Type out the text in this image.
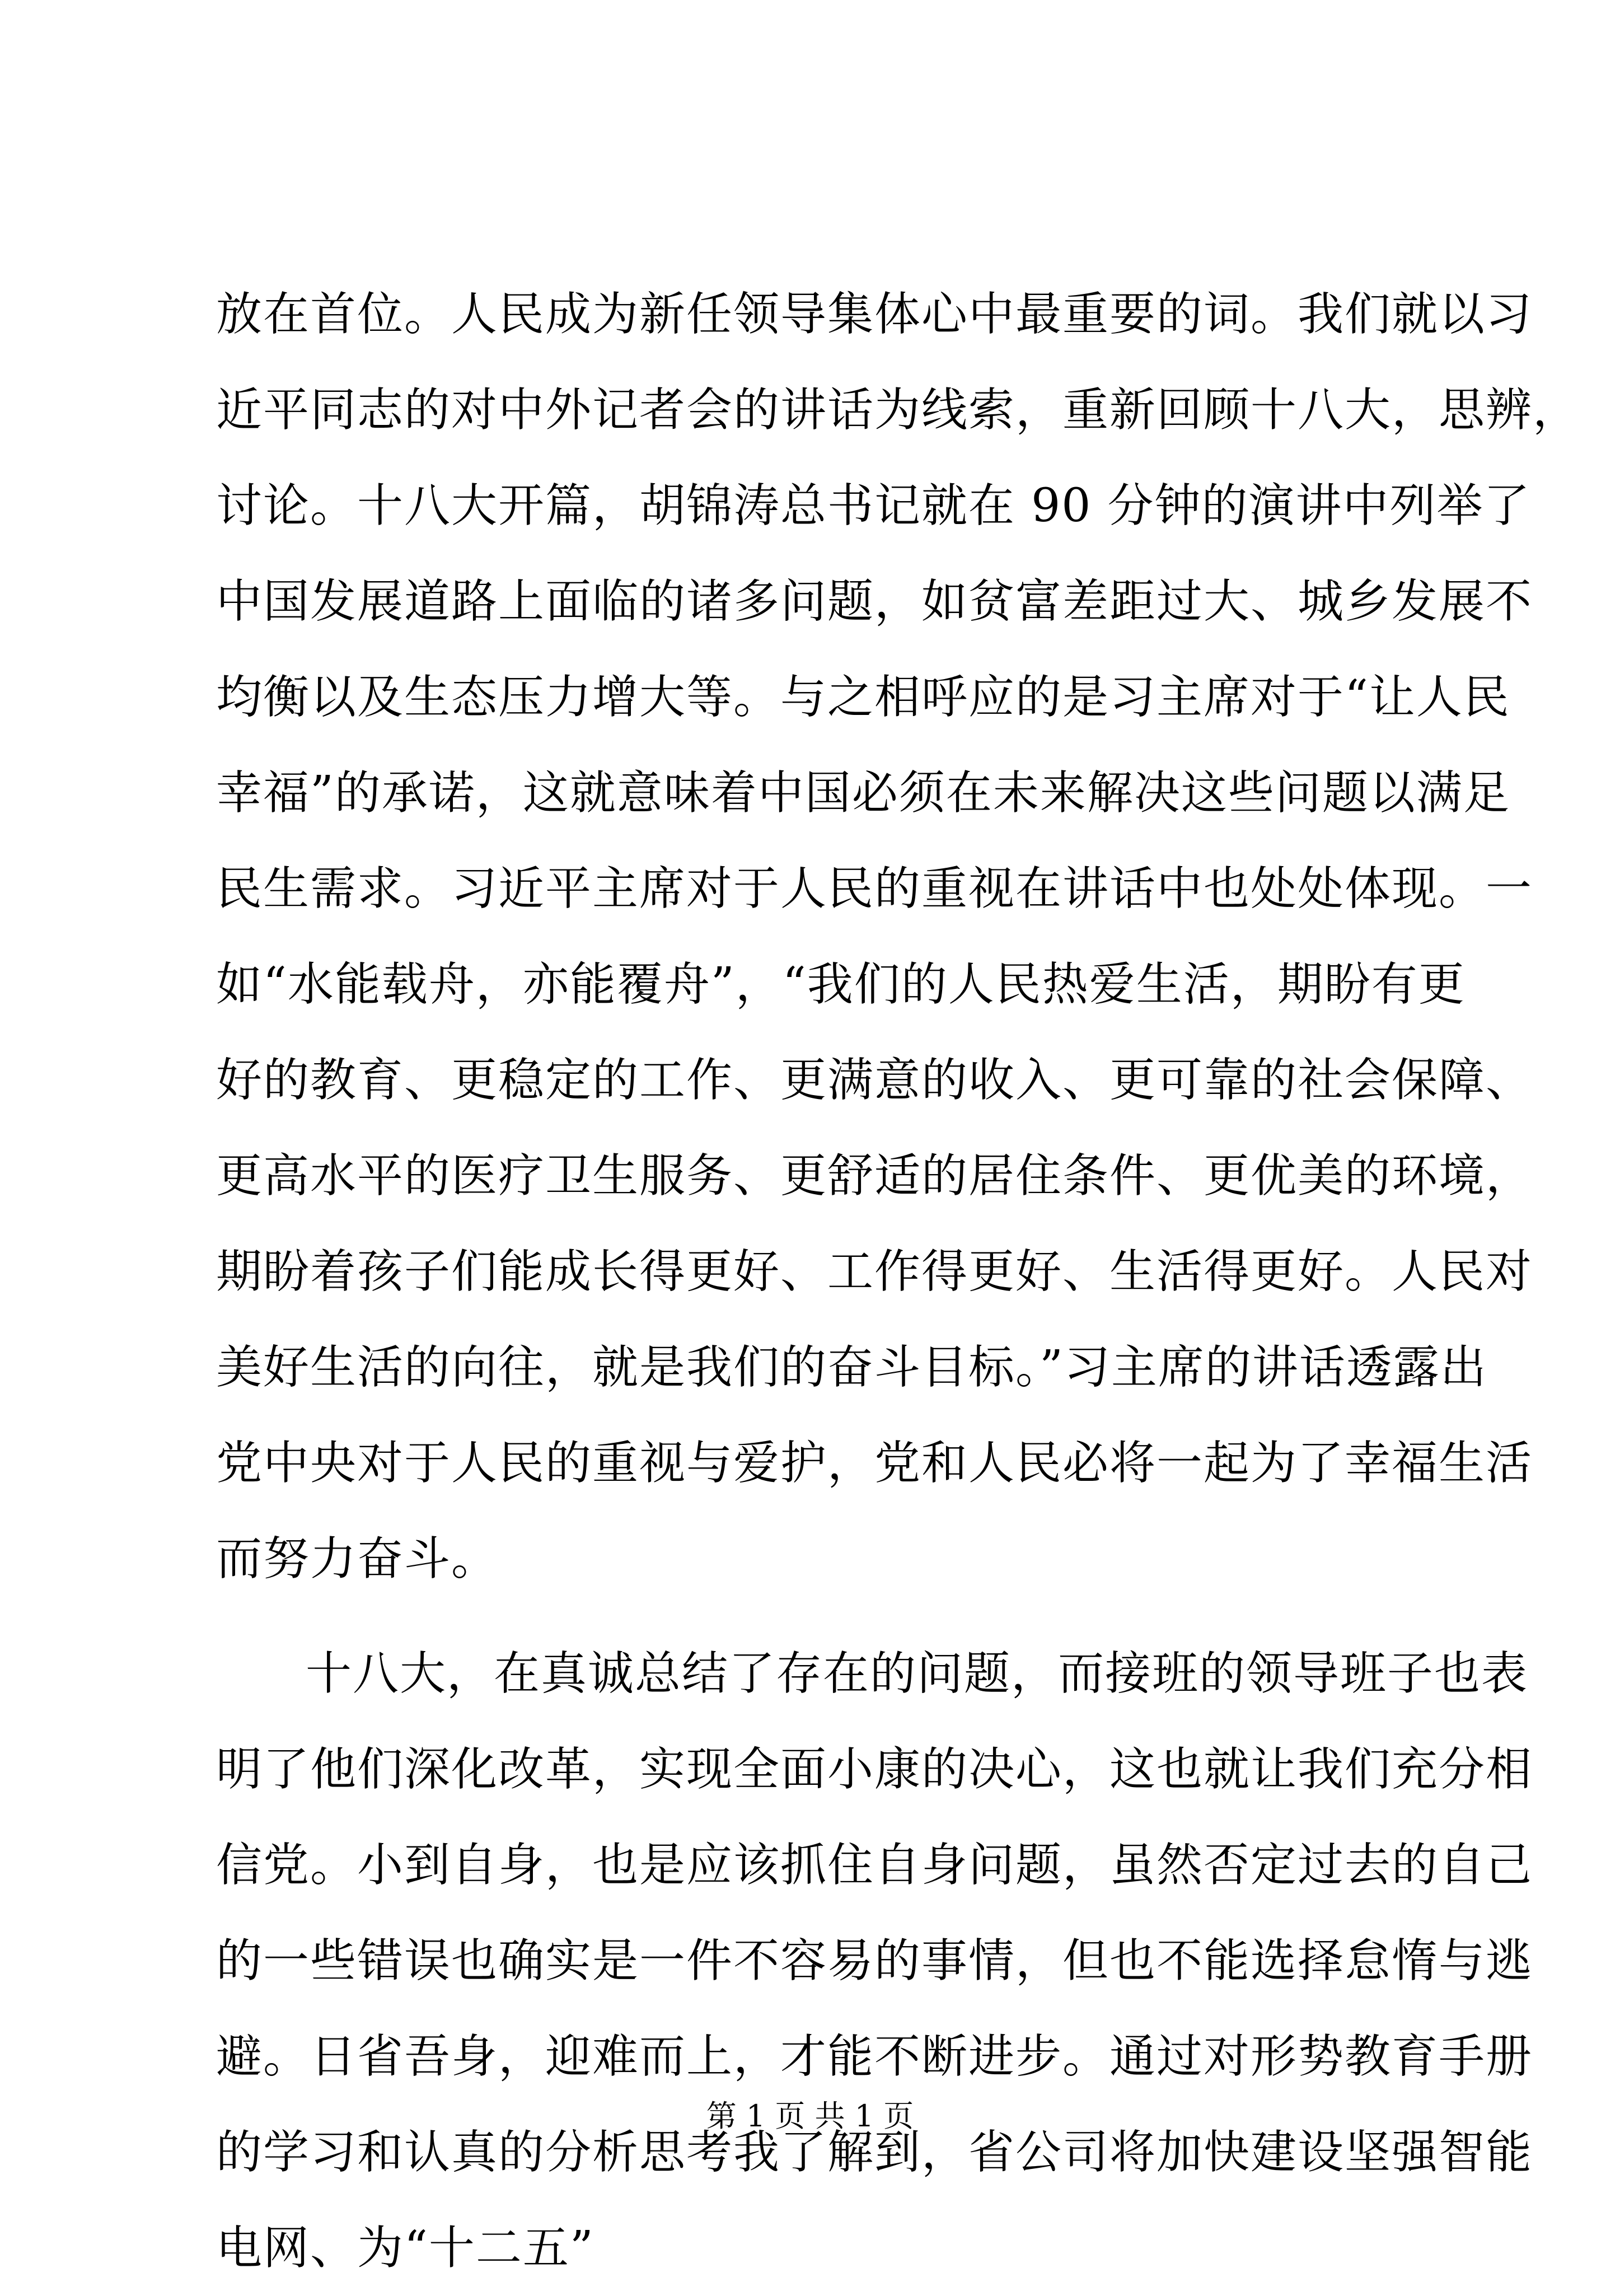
放在首位。人民成为新任领导集体心中最重要的词。我们就以习
近平同志的对中外记者会的讲话为线索，重新回顾十八大，思辨，
讨论。十八大开篇，胡锦涛总书记就在 90 分钟的演讲中列举了
中国发展道路上面临的诸多问题，如贫富差距过大、城乡发展不
均衡以及生态压力增大等。与之相呼应的是习主席对于“让人民
幸福”的承诺，这就意味着中国必须在未来解决这些问题以满足
民生需求。习近平主席对于人民的重视在讲话中也处处体现。一
如“水能载舟，亦能覆舟”，“我们的人民热爱生活，期盼有更
好的教育、更稳定的工作、更满意的收入、更可靠的社会保障、
更高水平的医疗卫生服务、更舒适的居住条件、更优美的环境，
期盼着孩子们能成长得更好、工作得更好、生活得更好。人民对
美好生活的向往，就是我们的奋斗目标。”习主席的讲话透露出
党中央对于人民的重视与爱护，党和人民必将一起为了幸福生活
而努力奋斗。
十八大，在真诚总结了存在的问题，而接班的领导班子也表
明了他们深化改革，实现全面小康的决心，这也就让我们充分相
信党。小到自身，也是应该抓住自身问题，虽然否定过去的自己
的一些错误也确实是一件不容易的事情，但也不能选择怠惰与逃
避。日省吾身，迎难而上，才能不断进步。通过对形势教育手册
的学习和认真的分析思考我了解到，省公司将加快建设坚强智能
电网、为“十二五”
第 1 页 共 1 页
